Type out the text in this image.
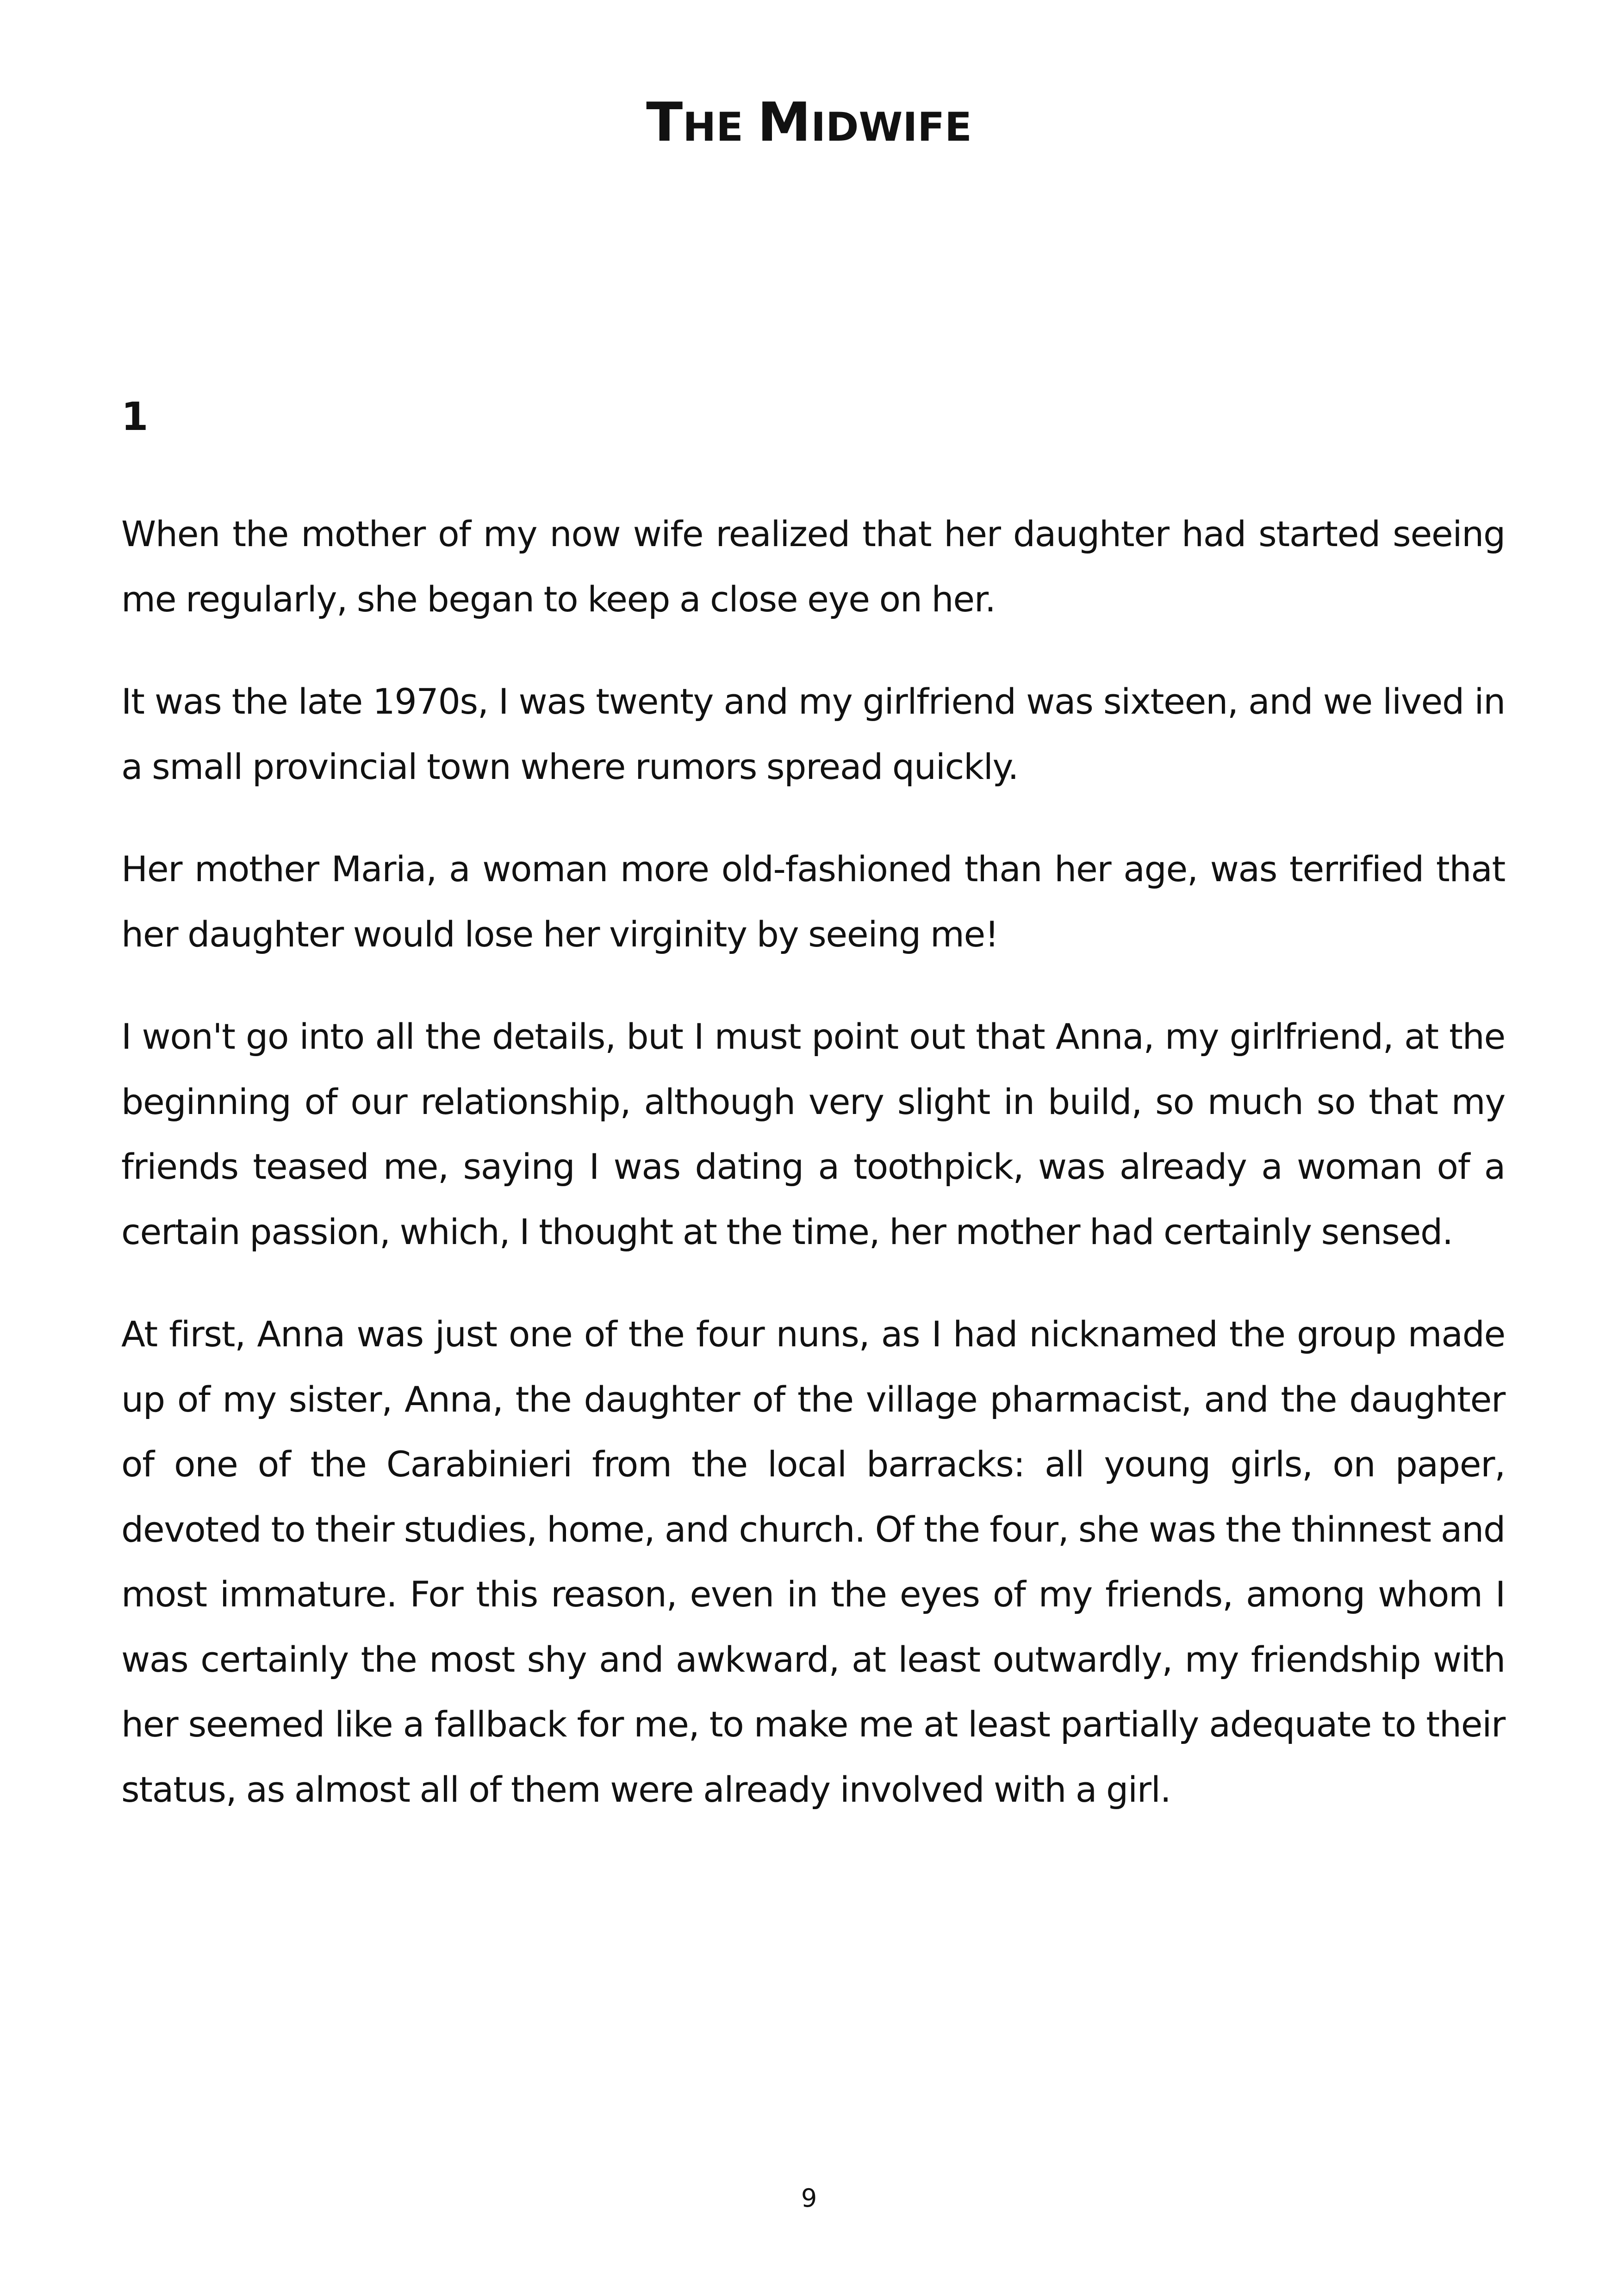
THE MIDWIFE
1

When the mother of my now wife realized that her daughter had started seeing me regularly, she began to keep a close eye on her.

It was the late 1970s, I was twenty and my girlfriend was sixteen, and we lived in a small provincial town where rumors spread quickly.

Her mother Maria, a woman more old-fashioned than her age, was terrified that her daughter would lose her virginity by seeing me!

I won't go into all the details, but I must point out that Anna, my girlfriend, at the beginning of our relationship, although very slight in build, so much so that my friends teased me, saying I was dating a toothpick, was already a woman of a certain passion, which, I thought at the time, her mother had certainly sensed.

At first, Anna was just one of the four nuns, as I had nicknamed the group made up of my sister, Anna, the daughter of the village pharmacist, and the daughter of one of the Carabinieri from the local barracks: all young girls, on paper, devoted to their studies, home, and church. Of the four, she was the thinnest and most immature. For this reason, even in the eyes of my friends, among whom I was certainly the most shy and awkward, at least outwardly, my friendship with her seemed like a fallback for me, to make me at least partially adequate to their status, as almost all of them were already involved with a girl.

9
